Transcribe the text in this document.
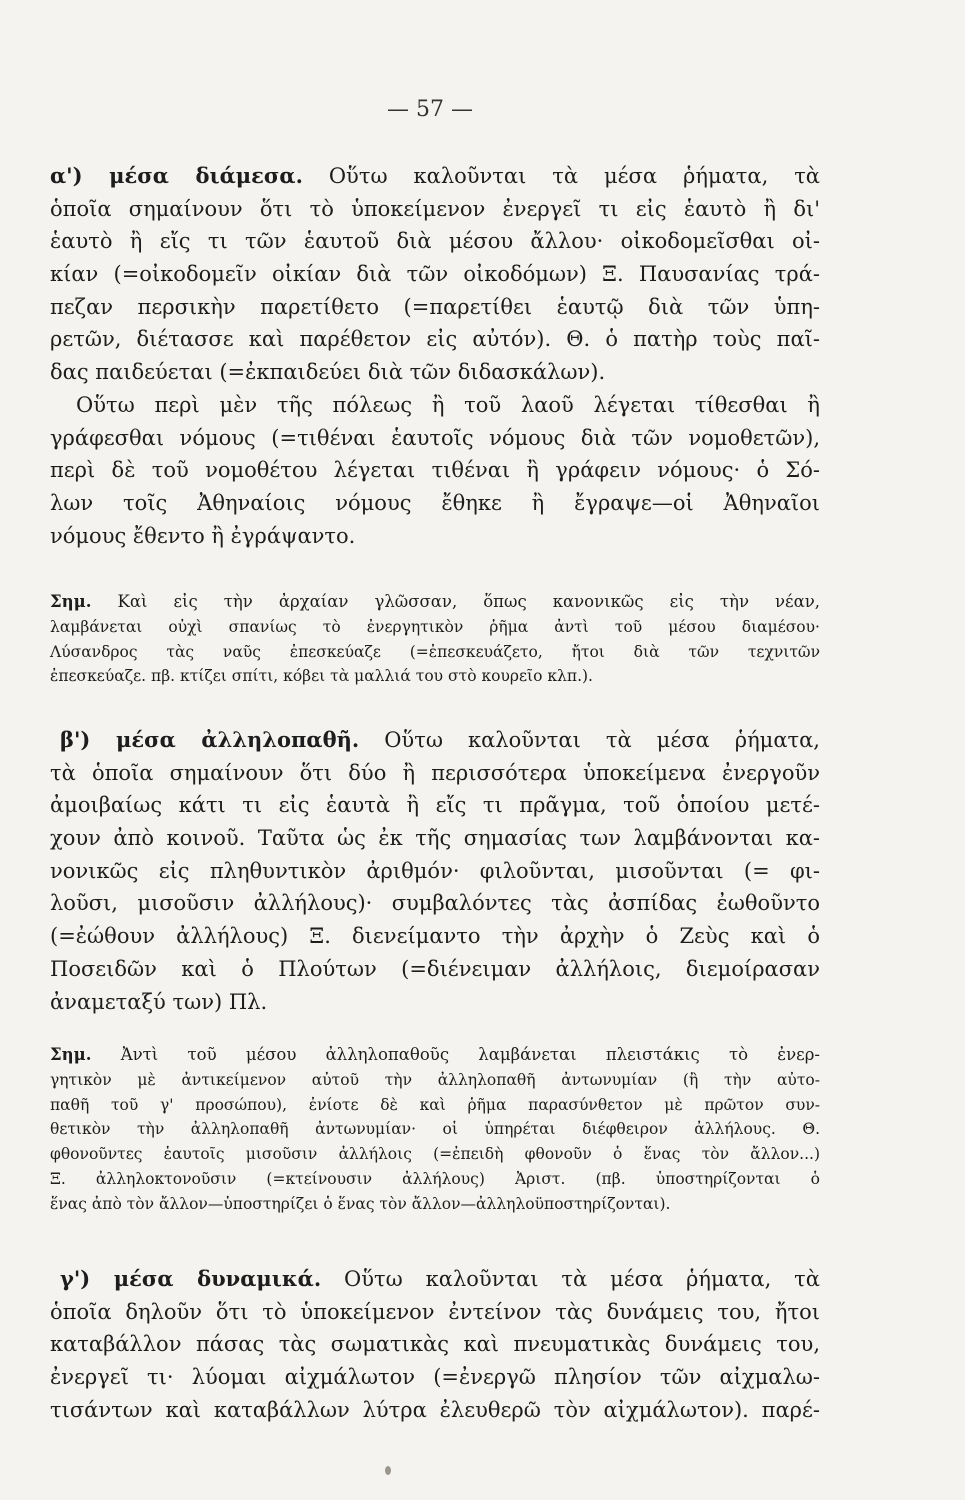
— 57 —
α') μέσα διάμεσα. Οὕτω καλοῦνται τὰ μέσα ῥήματα, τὰ
ὁποῖα σημαίνουν ὅτι τὸ ὑποκείμενον ἐνεργεῖ τι εἰς ἑαυτὸ ἢ δι'
ἑαυτὸ ἢ εἴς τι τῶν ἑαυτοῦ διὰ μέσου ἄλλου· οἰκοδομεῖσθαι οἰ-
κίαν (=οἰκοδομεῖν οἰκίαν διὰ τῶν οἰκοδόμων) Ξ. Παυσανίας τρά-
πεζαν περσικὴν παρετίθετο (=παρετίθει ἑαυτῷ διὰ τῶν ὑπη-
ρετῶν, διέτασσε καὶ παρέθετον εἰς αὐτόν). Θ. ὁ πατὴρ τοὺς παῖ-
δας παιδεύεται (=ἐκπαιδεύει διὰ τῶν διδασκάλων).
Οὕτω περὶ μὲν τῆς πόλεως ἢ τοῦ λαοῦ λέγεται τίθεσθαι ἢ
γράφεσθαι νόμους (=τιθέναι ἑαυτοῖς νόμους διὰ τῶν νομοθετῶν),
περὶ δὲ τοῦ νομοθέτου λέγεται τιθέναι ἢ γράφειν νόμους· ὁ Σό-
λων τοῖς Ἀθηναίοις νόμους ἔθηκε ἢ ἔγραψε—οἱ Ἀθηναῖοι
νόμους ἔθεντο ἢ ἐγράψαντο.
Σημ. Καὶ εἰς τὴν ἀρχαίαν γλῶσσαν, ὅπως κανονικῶς εἰς τὴν νέαν,
λαμβάνεται οὐχὶ σπανίως τὸ ἐνεργητικὸν ῥῆμα ἀντὶ τοῦ μέσου διαμέσου·
Λύσανδρος τὰς ναῦς ἐπεσκεύαζε (=ἐπεσκευάζετο, ἤτοι διὰ τῶν τεχνιτῶν
ἐπεσκεύαζε. πβ. κτίζει σπίτι, κόβει τὰ μαλλιά του στὸ κουρεῖο κλπ.).
β') μέσα ἀλληλοπαθῆ. Οὕτω καλοῦνται τὰ μέσα ῥήματα,
τὰ ὁποῖα σημαίνουν ὅτι δύο ἢ περισσότερα ὑποκείμενα ἐνεργοῦν
ἀμοιβαίως κάτι τι εἰς ἑαυτὰ ἢ εἴς τι πρᾶγμα, τοῦ ὁποίου μετέ-
χουν ἀπὸ κοινοῦ. Ταῦτα ὡς ἐκ τῆς σημασίας των λαμβάνονται κα-
νονικῶς εἰς πληθυντικὸν ἀριθμόν· φιλοῦνται, μισοῦνται (= φι-
λοῦσι, μισοῦσιν ἀλλήλους)· συμβαλόντες τὰς ἀσπίδας ἐωθοῦντο
(=ἐώθουν ἀλλήλους) Ξ. διενείμαντο τὴν ἀρχὴν ὁ Ζεὺς καὶ ὁ
Ποσειδῶν καὶ ὁ Πλούτων (=διένειμαν ἀλλήλοις, διεμοίρασαν
ἀναμεταξύ των) Πλ.
Σημ. Ἀντὶ τοῦ μέσου ἀλληλοπαθοῦς λαμβάνεται πλειστάκις τὸ ἐνερ-
γητικὸν μὲ ἀντικείμενον αὐτοῦ τὴν ἀλληλοπαθῆ ἀντωνυμίαν (ἢ τὴν αὐτο-
παθῆ τοῦ γ' προσώπου), ἐνίοτε δὲ καὶ ῥῆμα παρασύνθετον μὲ πρῶτον συν-
θετικὸν τὴν ἀλληλοπαθῆ ἀντωνυμίαν· οἱ ὑπηρέται διέφθειρον ἀλλήλους. Θ.
φθονοῦντες ἑαυτοῖς μισοῦσιν ἀλλήλοις (=ἐπειδὴ φθονοῦν ὁ ἕνας τὸν ἄλλον...)
Ξ. ἀλληλοκτονοῦσιν (=κτείνουσιν ἀλλήλους) Ἀριστ. (πβ. ὑποστηρίζονται ὁ
ἕνας ἀπὸ τὸν ἄλλον—ὑποστηρίζει ὁ ἕνας τὸν ἄλλον—ἀλληλοϋποστηρίζονται).
γ') μέσα δυναμικά. Οὕτω καλοῦνται τὰ μέσα ῥήματα, τὰ
ὁποῖα δηλοῦν ὅτι τὸ ὑποκείμενον ἐντείνον τὰς δυνάμεις του, ἤτοι
καταβάλλον πάσας τὰς σωματικὰς καὶ πνευματικὰς δυνάμεις του,
ἐνεργεῖ τι· λύομαι αἰχμάλωτον (=ἐνεργῶ πλησίον τῶν αἰχμαλω-
τισάντων καὶ καταβάλλων λύτρα ἐλευθερῶ τὸν αἰχμάλωτον). παρέ-
